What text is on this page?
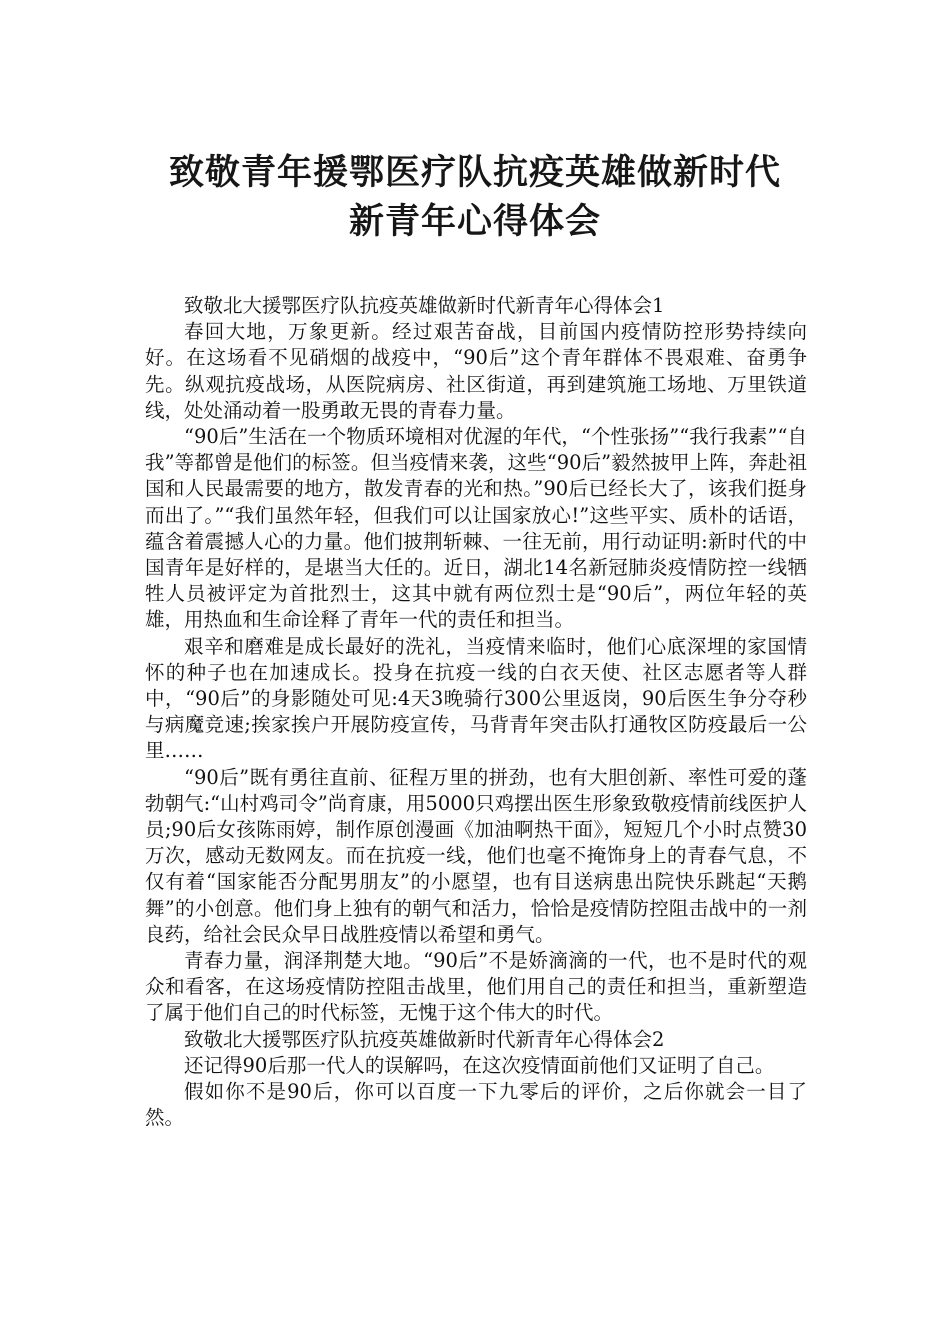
致敬青年援鄂医疗队抗疫英雄做新时代
新青年心得体会

致敬北大援鄂医疗队抗疫英雄做新时代新青年心得体会1

春回大地，万象更新。经过艰苦奋战，目前国内疫情防控形势持续向好。在这场看不见硝烟的战疫中，“90后”这个青年群体不畏艰难、奋勇争先。纵观抗疫战场，从医院病房、社区街道，再到建筑施工场地、万里铁道线，处处涌动着一股勇敢无畏的青春力量。

“90后”生活在一个物质环境相对优渥的年代，“个性张扬”“我行我素”“自我”等都曾是他们的标签。但当疫情来袭，这些“90后”毅然披甲上阵，奔赴祖国和人民最需要的地方，散发青春的光和热。”90后已经长大了，该我们挺身而出了。”“我们虽然年轻，但我们可以让国家放心!”这些平实、质朴的话语，蕴含着震撼人心的力量。他们披荆斩棘、一往无前，用行动证明:新时代的中国青年是好样的，是堪当大任的。近日，湖北14名新冠肺炎疫情防控一线牺牲人员被评定为首批烈士，这其中就有两位烈士是“90后”，两位年轻的英雄，用热血和生命诠释了青年一代的责任和担当。

艰辛和磨难是成长最好的洗礼，当疫情来临时，他们心底深埋的家国情怀的种子也在加速成长。投身在抗疫一线的白衣天使、社区志愿者等人群中，“90后”的身影随处可见:4天3晚骑行300公里返岗，90后医生争分夺秒与病魔竞速;挨家挨户开展防疫宣传，马背青年突击队打通牧区防疫最后一公里……

“90后”既有勇往直前、征程万里的拼劲，也有大胆创新、率性可爱的蓬勃朝气:“山村鸡司令”尚育康，用5000只鸡摆出医生形象致敬疫情前线医护人员;90后女孩陈雨婷，制作原创漫画《加油啊热干面》，短短几个小时点赞30万次，感动无数网友。而在抗疫一线，他们也毫不掩饰身上的青春气息，不仅有着“国家能否分配男朋友”的小愿望，也有目送病患出院快乐跳起“天鹅舞”的小创意。他们身上独有的朝气和活力，恰恰是疫情防控阻击战中的一剂良药，给社会民众早日战胜疫情以希望和勇气。

青春力量，润泽荆楚大地。“90后”不是娇滴滴的一代，也不是时代的观众和看客，在这场疫情防控阻击战里，他们用自己的责任和担当，重新塑造了属于他们自己的时代标签，无愧于这个伟大的时代。

致敬北大援鄂医疗队抗疫英雄做新时代新青年心得体会2

还记得90后那一代人的误解吗，在这次疫情面前他们又证明了自己。

假如你不是90后，你可以百度一下九零后的评价，之后你就会一目了然。
